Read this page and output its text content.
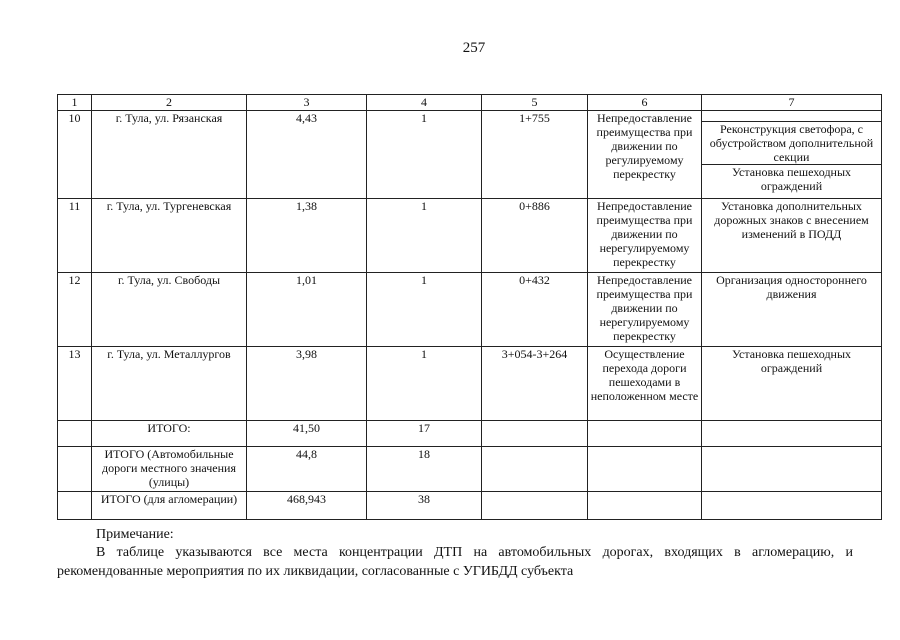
257
1	2	3	4	5	6	7
10	г. Тула, ул. Рязанская	4,43	1	1+755	Непредоставление преимущества при движении по регулируемому перекрестку	Реконструкция светофора, с обустройством дополнительной секции
Установка пешеходных ограждений

11	г. Тула, ул. Тургеневская	1,38	1	0+886	Непредоставление преимущества при движении по нерегулируемому перекрестку	Установка дополнительных дорожных знаков с внесением изменений в ПОДД
12	г. Тула, ул. Свободы	1,01	1	0+432	Непредоставление преимущества при движении по нерегулируемому перекрестку	Организация одностороннего движения
13	г. Тула, ул. Металлургов	3,98	1	3+054-3+264	Осуществление перехода дороги пешеходами в неположенном месте	Установка пешеходных ограждений
	ИТОГО:	41,50	17			
	ИТОГО (Автомобильные дороги местного значения (улицы)	44,8	18			
	ИТОГО (для агломерации)	468,943	38			
Примечание:
В таблице указываются все места концентрации ДТП на автомобильных дорогах, входящих в агломерацию, и рекомендованные мероприятия по их ликвидации, согласованные с УГИБДД субъекта
